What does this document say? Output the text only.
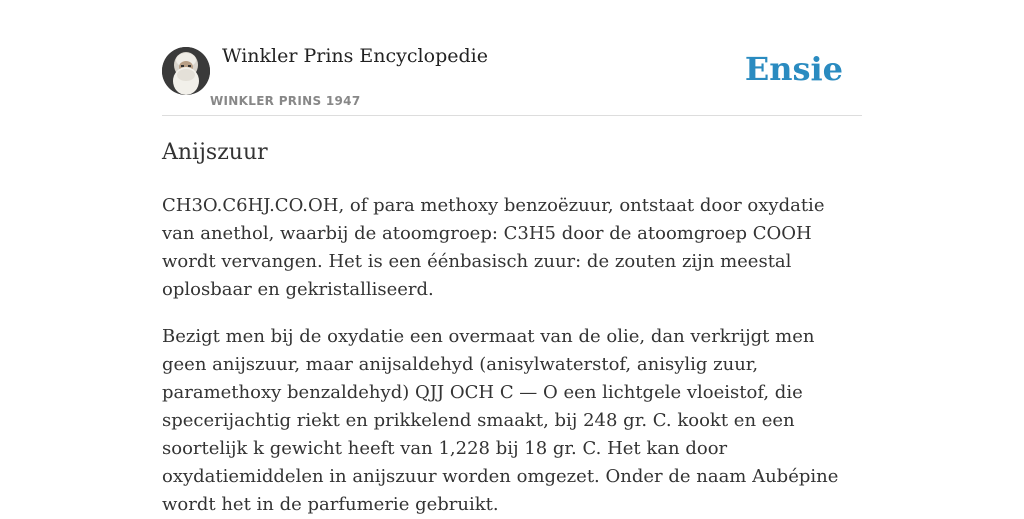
Winkler Prins Encyclopedie
WINKLER PRINS 1947
Ensie
Anijszuur

CH3O.C6HJ.CO.OH, of para methoxy benzoëzuur, ontstaat door oxydatie van anethol, waarbij de atoomgroep: C3H5 door de atoomgroep COOH wordt vervangen. Het is een éénbasisch zuur: de zouten zijn meestal oplosbaar en gekristalliseerd.

Bezigt men bij de oxydatie een overmaat van de olie, dan verkrijgt men geen anijszuur, maar anijsaldehyd (anisylwaterstof, anisylig zuur, paramethoxy benzaldehyd) QJJ OCH C — O een lichtgele vloeistof, die specerijachtig riekt en prikkelend smaakt, bij 248 gr. C. kookt en een soortelijk k gewicht heeft van 1,228 bij 18 gr. C. Het kan door oxydatiemiddelen in anijszuur worden omgezet. Onder de naam Aubépine wordt het in de parfumerie gebruikt.
